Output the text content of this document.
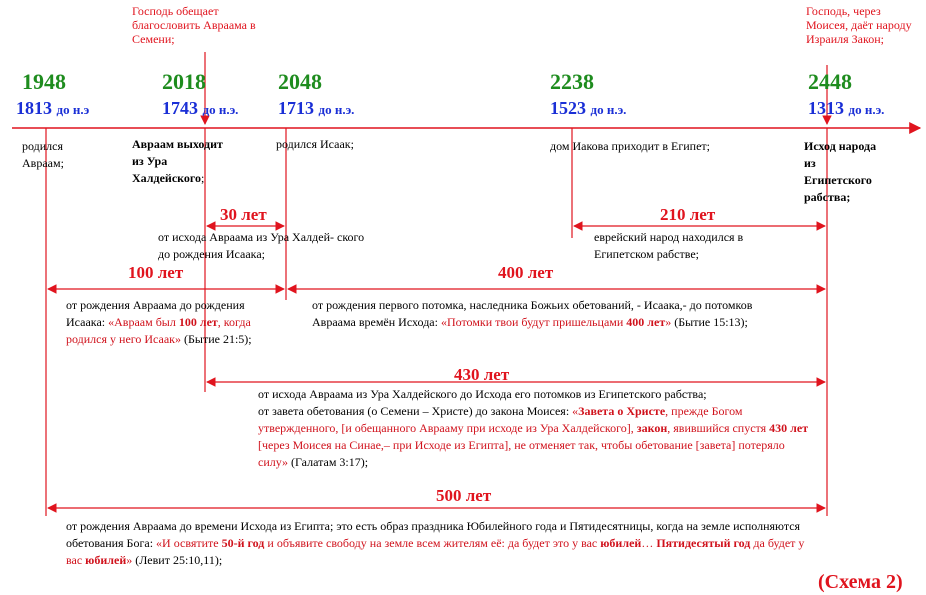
Господь обещает благословить Авраама в Семени;
Господь, через Моисея, даёт народу Израиля Закон;
1948	2018	2048	2238	2448
1813 до н.э	1743 до н.э. 1713 до н.э.	1523 до н.э.	1313 до н.э.
родился Авраам;
Авраам выходит
из Ура Халдейского;
родился Исаак;	дом Иакова приходит в Египет;	Исход народа из Египетского рабства;
30 лет
от исхода Авраама из Ура Халдей- ского до рождения Исаака;
210 лет
еврейский народ находился в Египетском рабстве;
100 лет
от рождения Авраама до рождения Исаака: «Авраам был 100 лет, когда родился у него Исаак» (Бытие 21:5);
400 лет
от рождения первого потомка, наследника Божьих обетований, - Исаака,- до потомков Авраама времён Исхода: «Потомки твои будут пришельцами 400 лет» (Бытие 15:13);
430 лет
от исхода Авраама из Ура Халдейского до Исхода его потомков из Египетского рабства;
от завета обетования (о Семени – Христе) до закона Моисея: «Завета о Христе, прежде Богом утвержденного, [и обещанного Аврааму при исходе из Ура Халдейского], закон, явившийся спустя 430 лет [через Моисея на Синае,– при Исходе из Египта], не отменяет так, чтобы обетование [завета] потеряло силу» (Галатам 3:17);
500 лет
от рождения Авраама до времени Исхода из Египта; это есть образ праздника Юбилейного года и Пятидесятницы, когда на земле исполняются обетования Бога: «И освятите 50-й год и объявите свободу на земле всем жителям её: да будет это у вас юбилей… Пятидесятый год да будет у вас юбилей» (Левит 25:10,11);
(Схема 2)
